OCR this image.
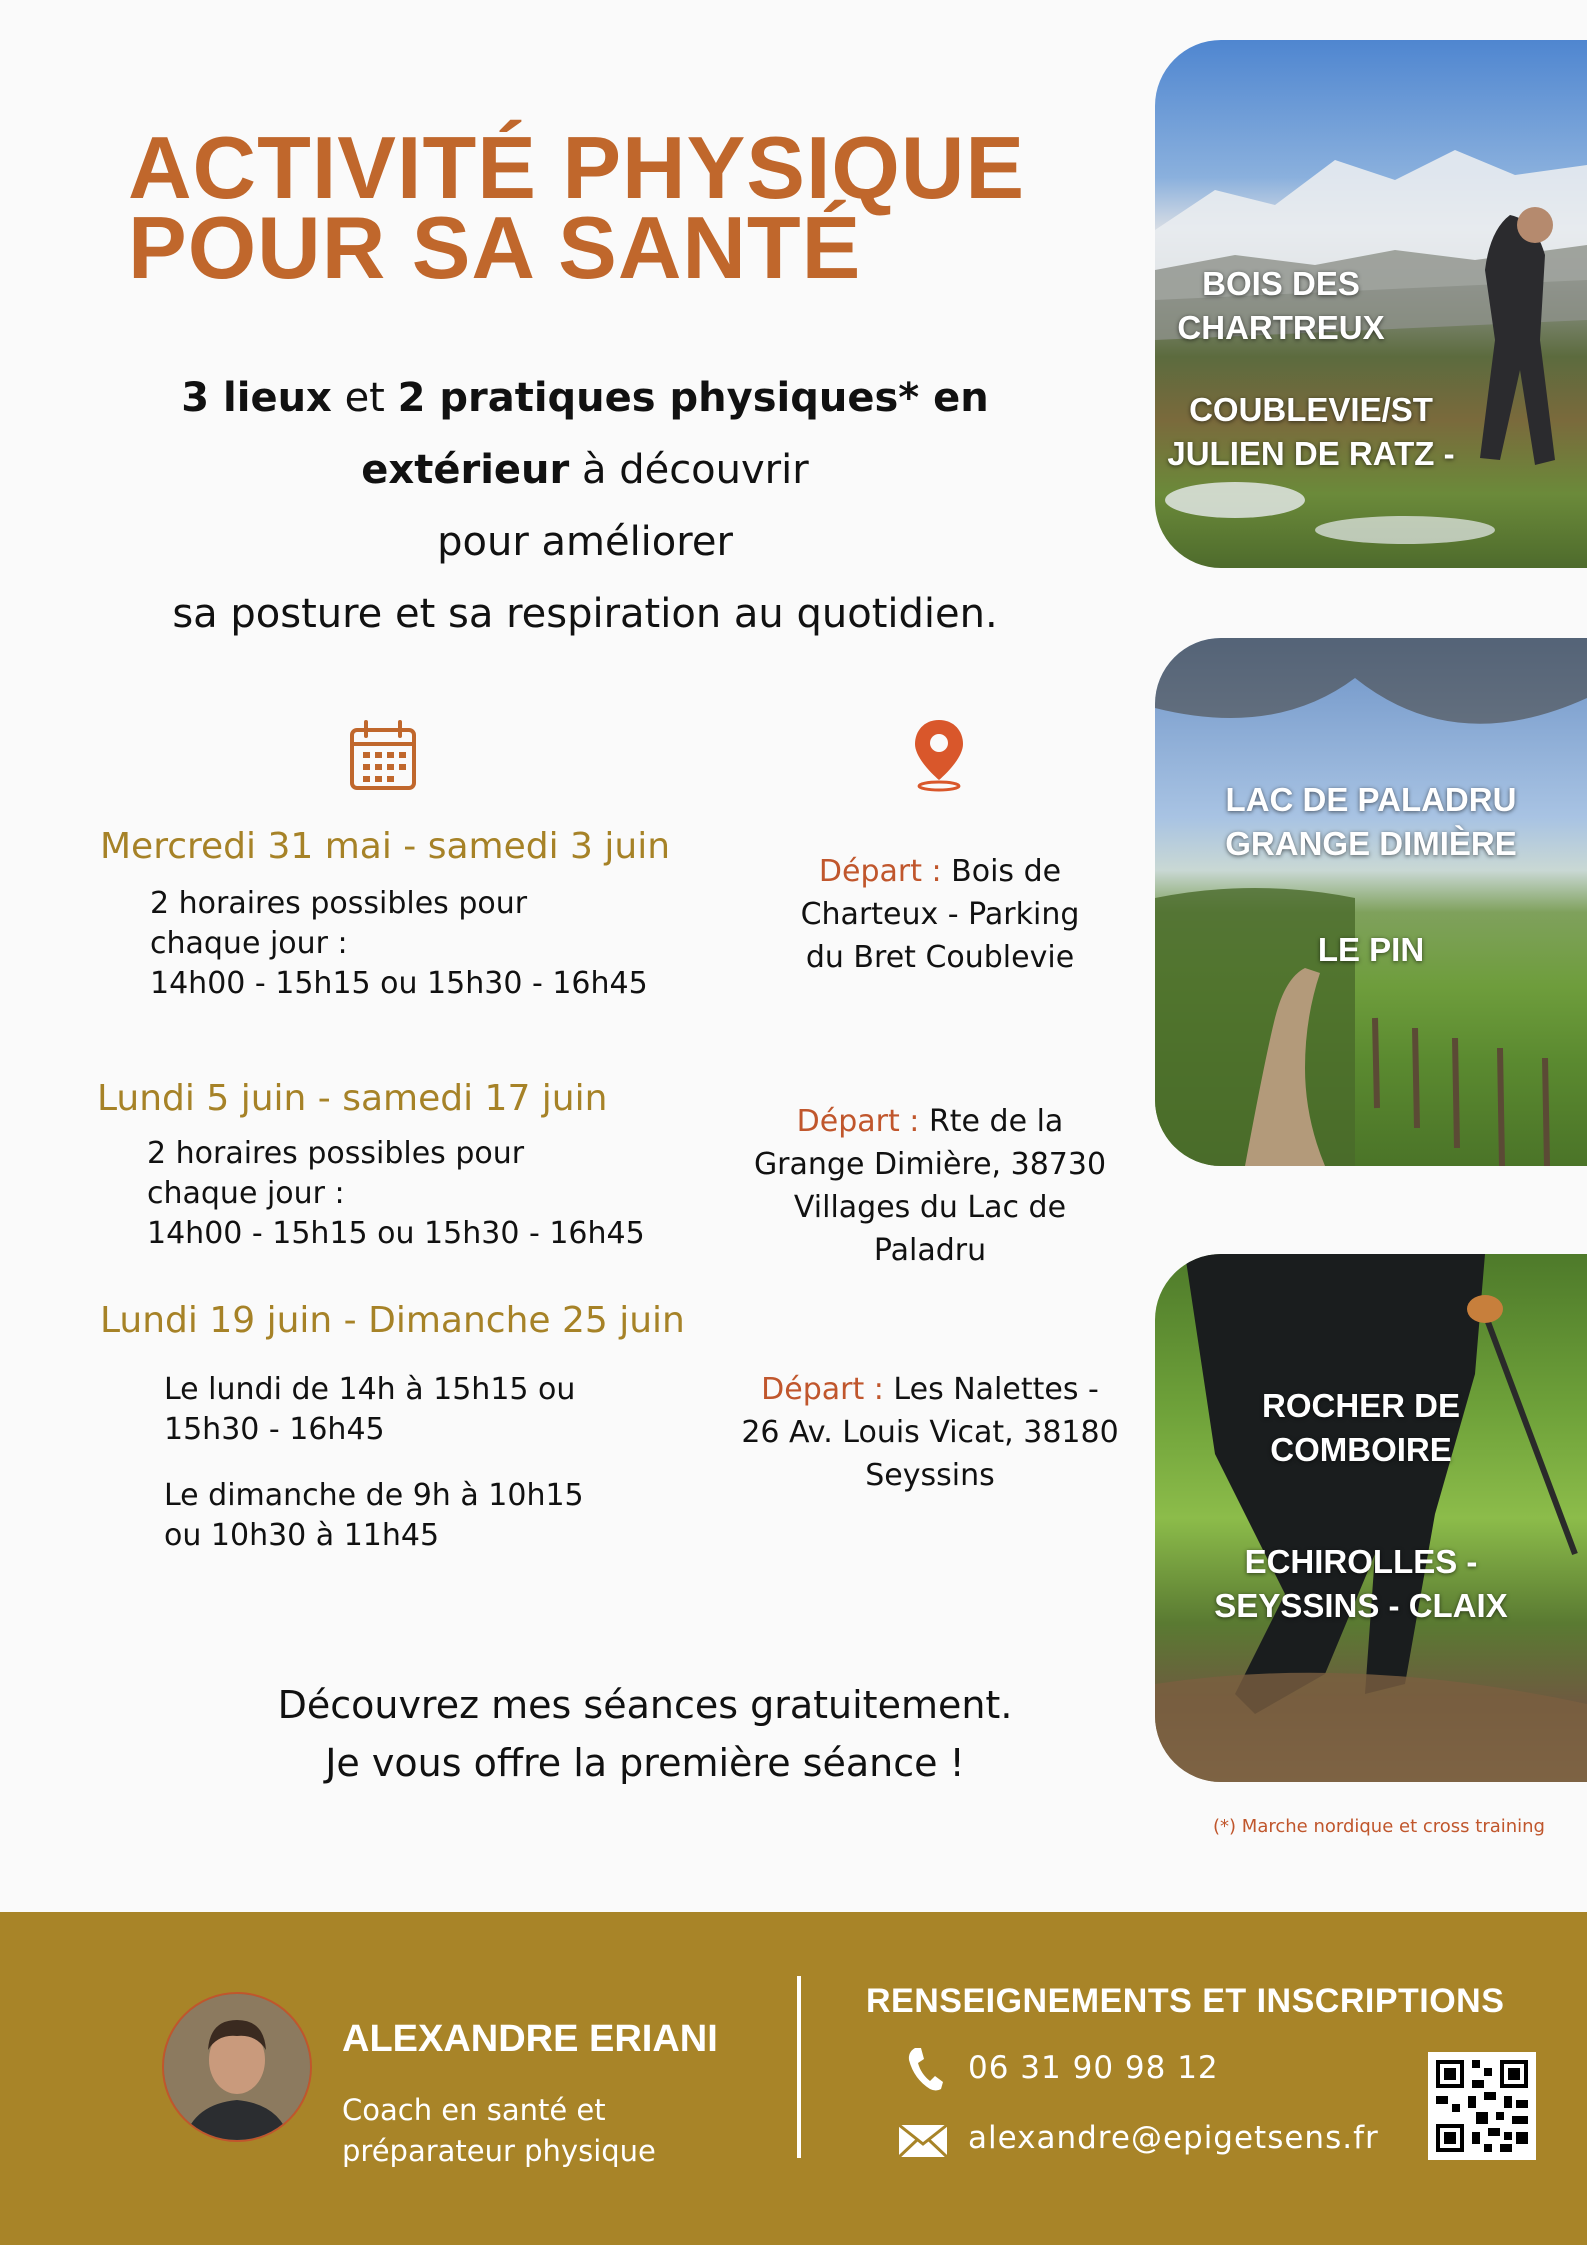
ACTIVITÉ PHYSIQUE
POUR SA SANTÉ
3 lieux et 2 pratiques physiques* en
extérieur à découvrir
pour améliorer
sa posture et sa respiration au quotidien.
Mercredi 31 mai - samedi 3 juin
2 horaires possibles pour
chaque jour :
14h00 - 15h15 ou 15h30 - 16h45
Lundi 5 juin - samedi 17 juin
2 horaires possibles pour
chaque jour :
14h00 - 15h15 ou 15h30 - 16h45
Lundi 19 juin - Dimanche 25 juin
Le lundi de 14h à 15h15 ou
15h30 - 16h45
Le dimanche de 9h à 10h15
ou 10h30 à 11h45
Départ : Bois de
Charteux - Parking
du Bret Coublevie
Départ : Rte de la
Grange Dimière, 38730
Villages du Lac de
Paladru
Départ : Les Nalettes -
26 Av. Louis Vicat, 38180
Seyssins
Découvrez mes séances gratuitement.
Je vous offre la première séance !
(*) Marche nordique et cross training
BOIS DES
CHARTREUX
COUBLEVIE/ST
JULIEN DE RATZ -
LAC DE PALADRU
GRANGE DIMIÈRE
LE PIN
ROCHER DE
COMBOIRE
ECHIROLLES -
SEYSSINS - CLAIX
ALEXANDRE ERIANI
Coach en santé et
préparateur physique
RENSEIGNEMENTS ET INSCRIPTIONS
06 31 90 98 12
alexandre@epigetsens.fr
